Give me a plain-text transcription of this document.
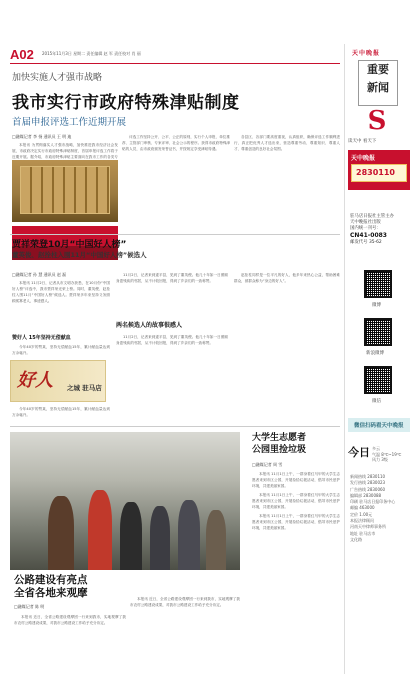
A02 2015年11月3日 星期二 责任编辑 赵 军 责任校对 肖 丽
加快实施人才强市战略
我市实行市政府特殊津贴制度
首届申报评选工作近期开展
□融媒记者 李 扬 通讯员 王 明 迪

本报讯 为贯彻落实人才强市战略，加快推进我市经济社会发展，市政府决定实行市政府特殊津贴制度，首届申报评选工作将于近期开展。据介绍，市政府特殊津贴主要面向在我市工作的各类专

评选工作坚持公开、公平、公正的原则，实行个人申报、单位推荐、主管部门审核、专家评审、社会公示的程序。获得市政府特殊津贴的人员，由市政府颁发荣誉证书，并按规定享受津贴待遇。

各县区、各部门要高度重视，认真组织，确保评选工作顺利进行，真正把优秀人才选出来，营造尊重劳动、尊重知识、尊重人才、尊重创造的良好社会氛围。

贾祥荣登10月“中国好人榜”
董英俊、赵拴柱入围11月“中国好人榜”候选人
□融媒记者 孙 慧 通讯员 赵 磊

本报讯 11月2日，记者从市文明办获悉，在10月份“中国好人榜”评选中，我市贾祥荣光荣上榜。同时，董英俊、赵拴柱入围11月“中国好人榜”候选人。贾祥荣多年来坚持义务照顾孤寡老人，事迹感人。

赞好人 15年坚持无偿献血

今年40岁的赞某，坚持无偿献血15年，累计献血量达到万余毫升。

11月2日，记者来到遂平县，见到了董英俊。他几十年如一日照顾身患残疾的邻居，从不计较回报，得到了乡亲们的一致称赞。

两名候选人的故事很感人

11月2日，记者来到遂平县，见到了董英俊。他几十年如一日照顾身患残疾的邻居，从不计较回报，得到了乡亲们的一致称赞。

赵拴柱同样是一位平凡的好人，他多年来热心公益，帮助困难群众，被群众称为“身边的好人”。

好人 之城 驻马店

今年40岁的赞某，坚持无偿献血15年，累计献血量达到万余毫升。

大学生志愿者
公园里捡垃圾
□融媒记者 周 雪

本报讯 11月1日上午，一群身着红马甲的大学生志愿者来到市区公园，开展捡拾垃圾活动，倡导市民爱护环境，共建美丽家园。

本报讯 11月1日上午，一群身着红马甲的大学生志愿者来到市区公园，开展捡拾垃圾活动，倡导市民爱护环境，共建美丽家园。

本报讯 11月1日上午，一群身着红马甲的大学生志愿者来到市区公园，开展捡拾垃圾活动，倡导市民爱护环境，共建美丽家园。

公路建设有亮点
全省各地来观摩
□融媒记者 陈 明

本报讯 近日，全省公路建设观摩团一行来到我市，实地观摩了我市农村公路建设成果，对我市公路建设工作给予充分肯定。

本报讯 近日，全省公路建设观摩团一行来到我市，实地观摩了我市农村公路建设成果，对我市公路建设工作给予充分肯定。

天中晚报
重要
新闻
S
读天中 看天下
天中晚报
2830110
驻马店日报社主管主办
天中晚报社出版
国内统一刊号：
CN41-0083
邮发代号 35-62
微博
新浪微博
微信
微信扫码看天中晚报
今日 多云
气温 8℃~19℃
风力 3级
新闻热线 2830110
发行热线 2830023
广告热线 2830060
编辑部 2830088
印刷 驻马店日报印务中心
邮编 463000
定价 1.00元
本报法律顾问
河南天中律师事务所
地址 驻马店市
文化路
